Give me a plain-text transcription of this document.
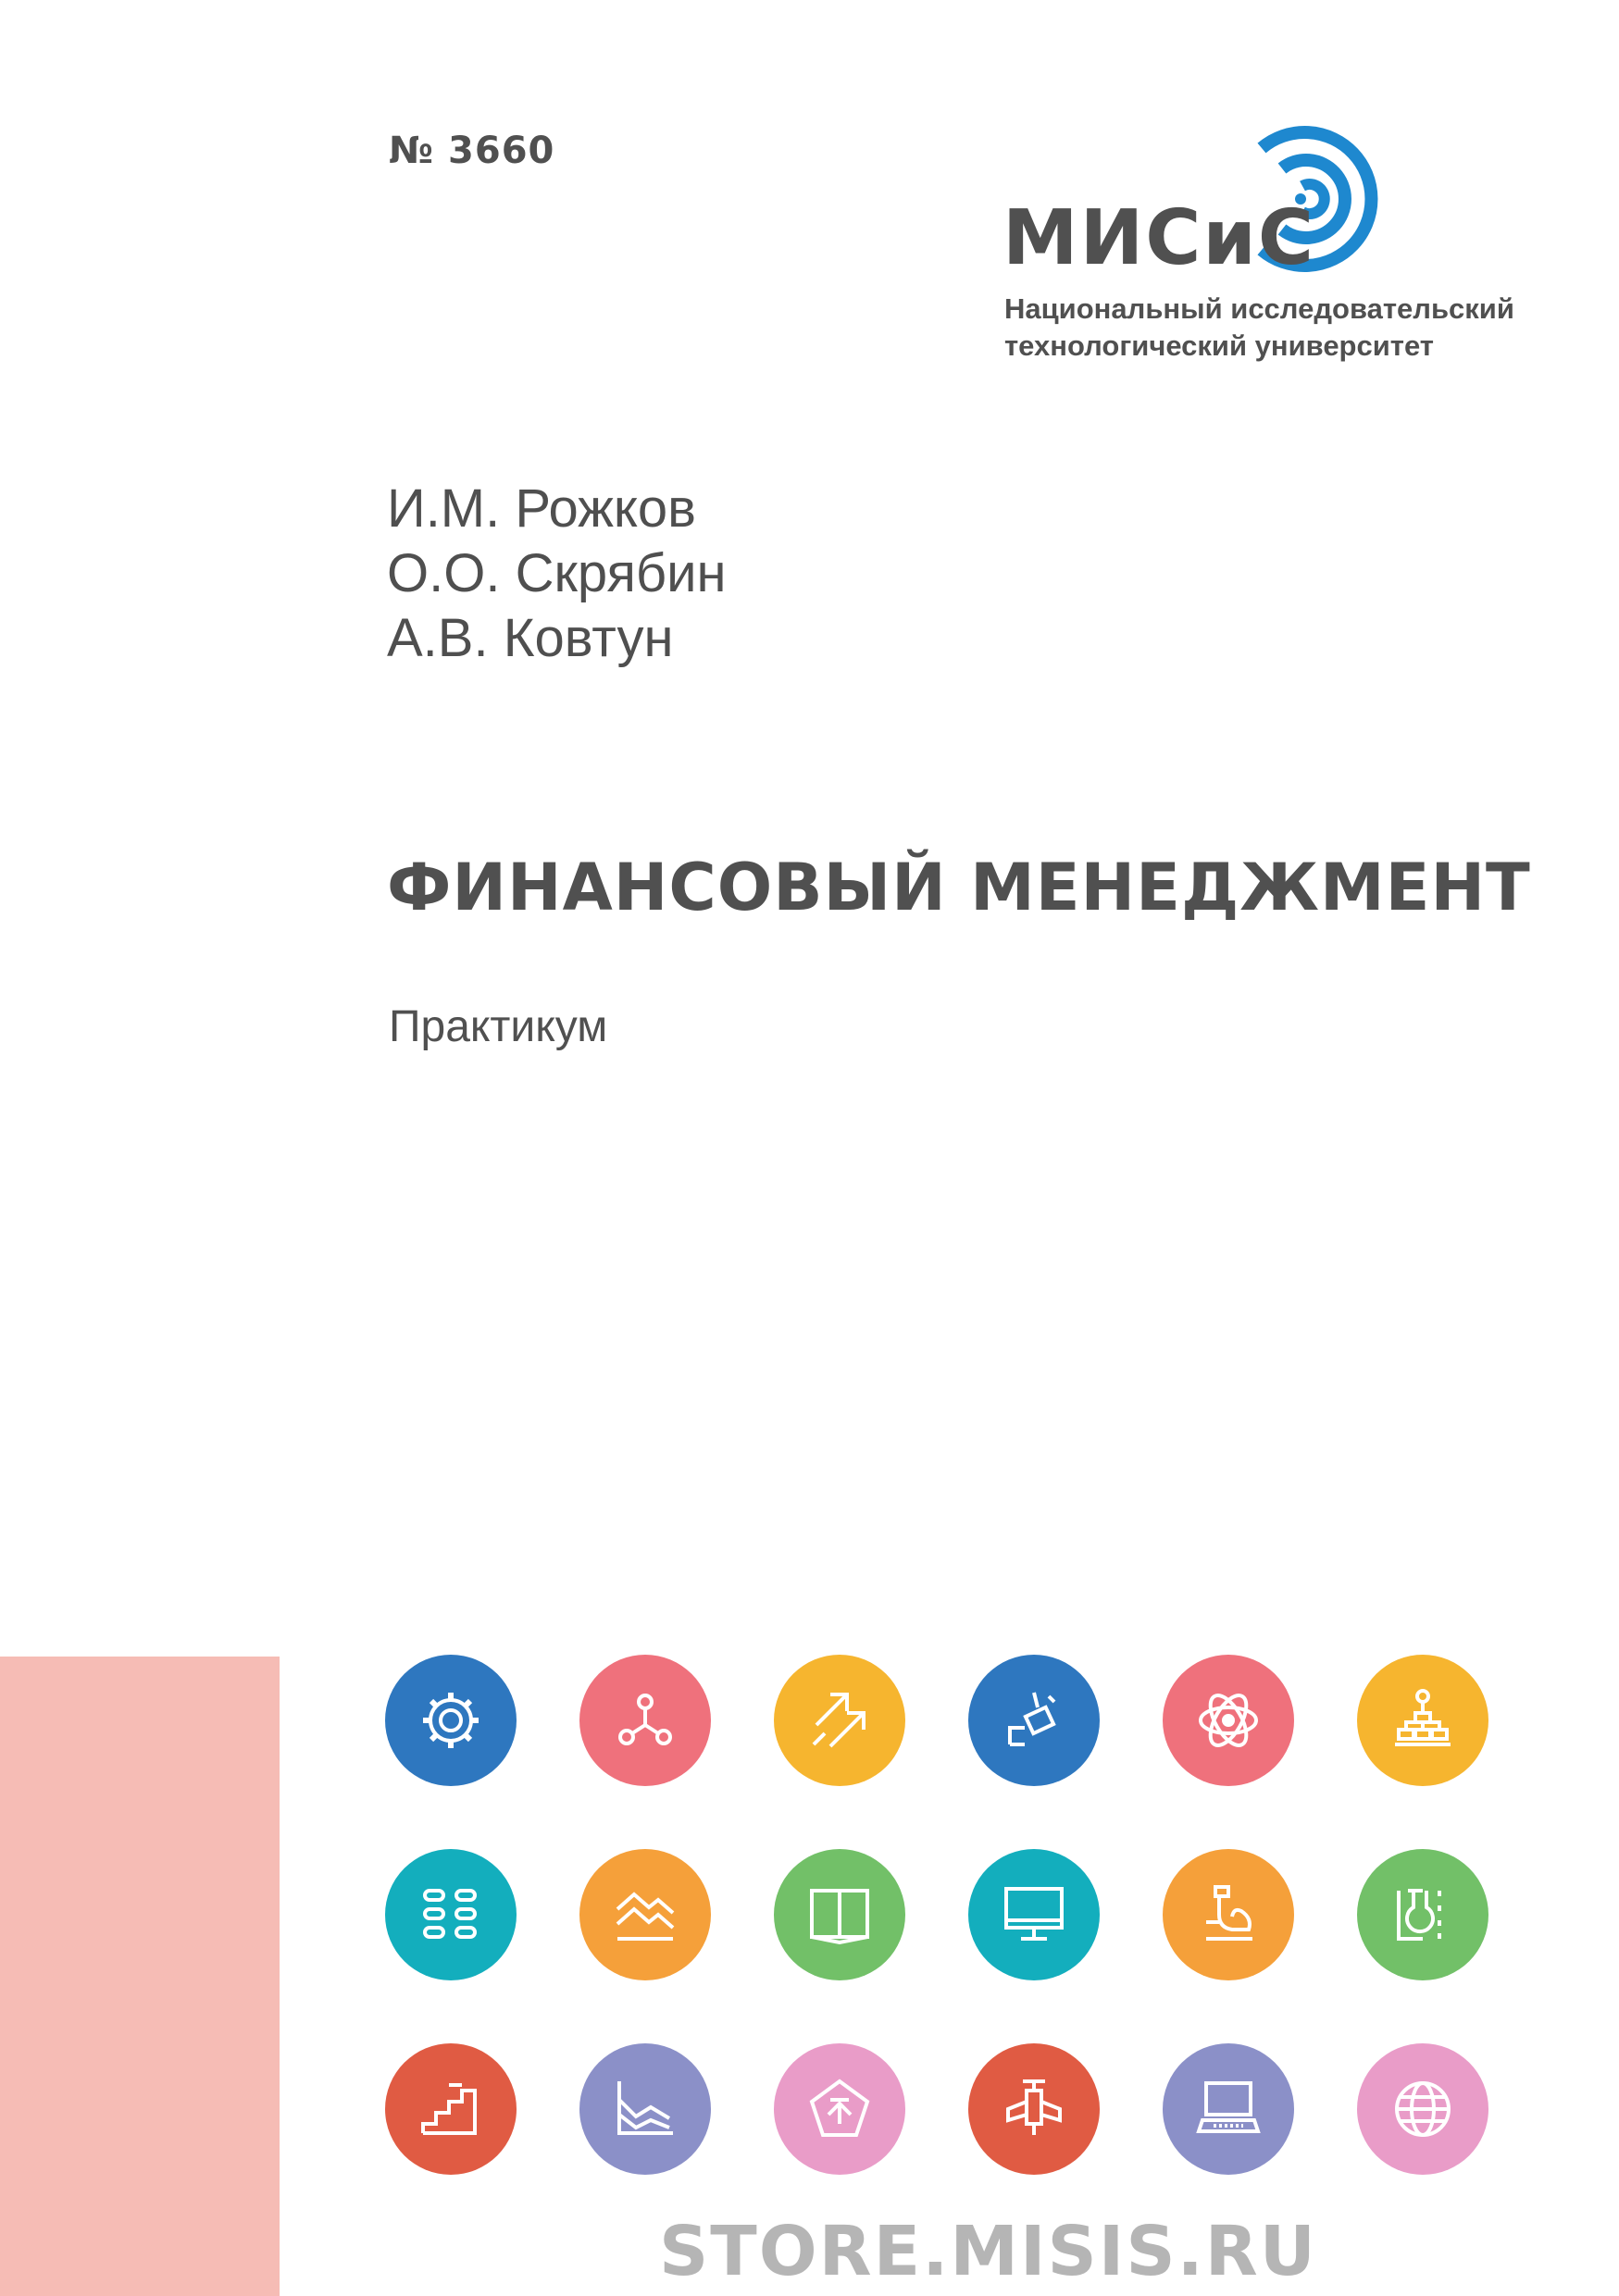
№ 3660
МИСиС
Национальный исследовательский
технологический университет
И.М. Рожков
О.О. Скрябин
А.В. Ковтун
ФИНАНСОВЫЙ МЕНЕДЖМЕНТ
Практикум
STORE.MISIS.RU
